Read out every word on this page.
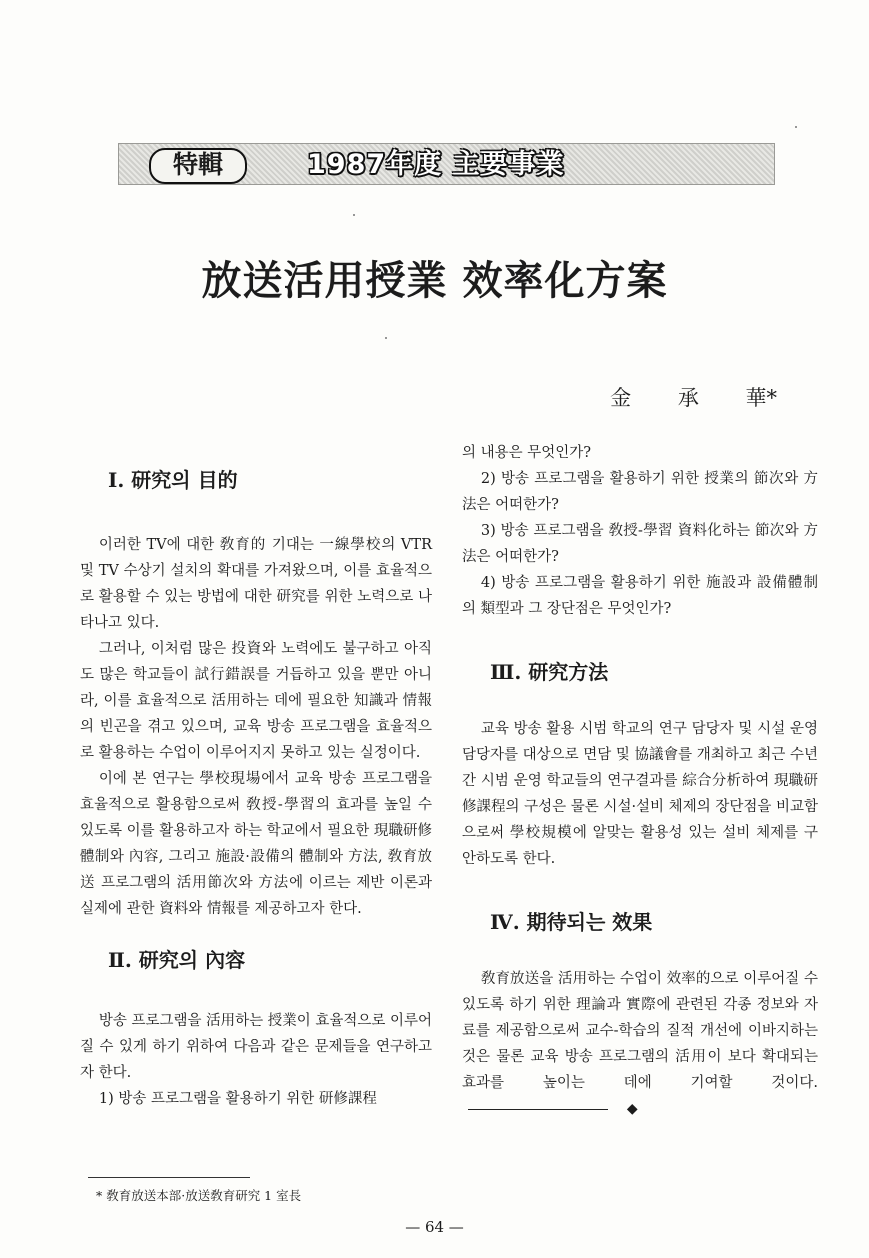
特輯	1987年度 主要事業
放送活用授業 效率化方案
金 承 華*
Ⅰ. 研究의 目的

이러한 TV에 대한 敎育的 기대는 一線學校의 VTR 및 TV 수상기 설치의 확대를 가져왔으며, 이를 효율적으로 활용할 수 있는 방법에 대한 研究를 위한 노력으로 나타나고 있다.

그러나, 이처럼 많은 投資와 노력에도 불구하고 아직도 많은 학교들이 試行錯誤를 거듭하고 있을 뿐만 아니라, 이를 효율적으로 活用하는 데에 필요한 知識과 情報의 빈곤을 겪고 있으며, 교육 방송 프로그램을 효율적으로 활용하는 수업이 이루어지지 못하고 있는 실정이다.

이에 본 연구는 學校現場에서 교육 방송 프로그램을 효율적으로 활용함으로써 敎授-學習의 효과를 높일 수 있도록 이를 활용하고자 하는 학교에서 필요한 現職研修體制와 內容, 그리고 施設·設備의 體制와 方法, 敎育放送 프로그램의 活用節次와 方法에 이르는 제반 이론과 실제에 관한 資料와 情報를 제공하고자 한다.

Ⅱ. 研究의 內容

방송 프로그램을 活用하는 授業이 효율적으로 이루어질 수 있게 하기 위하여 다음과 같은 문제들을 연구하고자 한다.

1) 방송 프로그램을 활용하기 위한 研修課程

의 내용은 무엇인가?

2) 방송 프로그램을 활용하기 위한 授業의 節次와 方法은 어떠한가?

3) 방송 프로그램을 敎授-學習 資料化하는 節次와 方法은 어떠한가?

4) 방송 프로그램을 활용하기 위한 施設과 設備體制의 類型과 그 장단점은 무엇인가?

Ⅲ. 研究方法

교육 방송 활용 시범 학교의 연구 담당자 및 시설 운영 담당자를 대상으로 면담 및 協議會를 개최하고 최근 수년간 시범 운영 학교들의 연구결과를 綜合分析하여 現職研修課程의 구성은 물론 시설·설비 체제의 장단점을 비교함으로써 學校規模에 알맞는 활용성 있는 설비 체제를 구안하도록 한다.

Ⅳ. 期待되는 效果

敎育放送을 活用하는 수업이 效率的으로 이루어질 수 있도록 하기 위한 理論과 實際에 관련된 각종 정보와 자료를 제공함으로써 교수-학습의 질적 개선에 이바지하는 것은 물론 교육 방송 프로그램의 活用이 보다 확대되는 효과를 높이는 데에 기여할 것이다.◆

* 敎育放送本部·放送敎育研究 1 室長
— 64 —
